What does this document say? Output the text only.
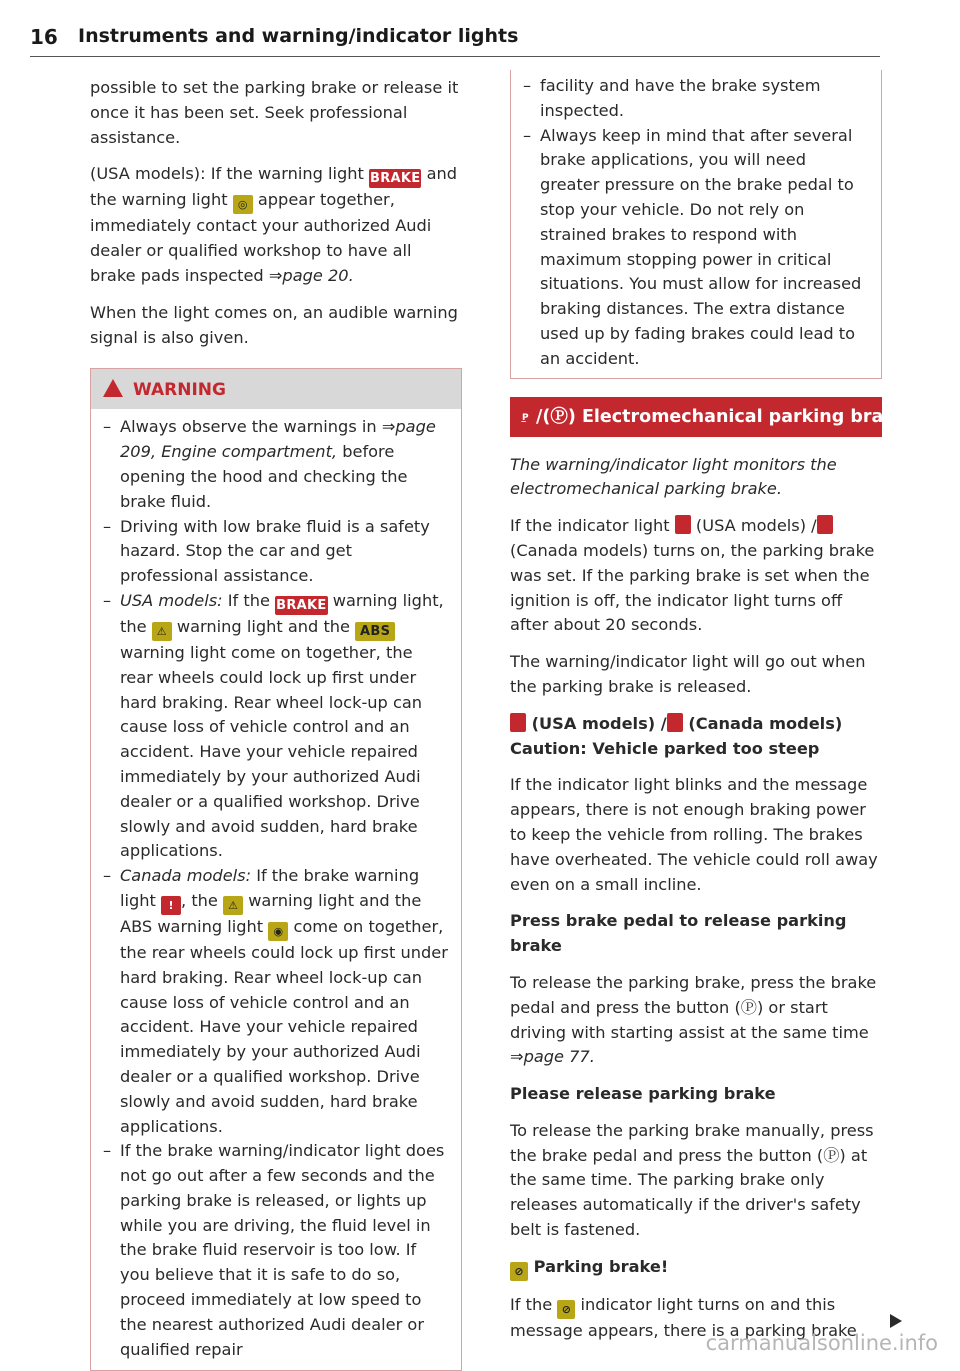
16 Instruments and warning/indicator lights

possible to set the parking brake or release it once it has been set. Seek professional assistance.

(USA models): If the warning light BRAKE and the warning light ◎ appear together, immediately contact your authorized Audi dealer or qualified workshop to have all brake pads inspected ⇒page 20.

When the light comes on, an audible warning signal is also given.

WARNING
– Always observe the warnings in ⇒page 209, Engine compartment, before opening the hood and checking the brake fluid.
– Driving with low brake fluid is a safety hazard. Stop the car and get professional assistance.
– USA models: If the BRAKE warning light, the ⚠ warning light and the ABS warning light come on together, the rear wheels could lock up first under hard braking. Rear wheel lock-up can cause loss of vehicle control and an accident. Have your vehicle repaired immediately by your authorized Audi dealer or a qualified workshop. Drive slowly and avoid sudden, hard brake applications.
– Canada models: If the brake warning light ! , the ⚠ warning light and the ABS warning light ◉ come on together, the rear wheels could lock up first under hard braking. Rear wheel lock-up can cause loss of vehicle control and an accident. Have your vehicle repaired immediately by your authorized Audi dealer or a qualified workshop. Drive slowly and avoid sudden, hard brake applications.
– If the brake warning/indicator light does not go out after a few seconds and the parking brake is released, or lights up while you are driving, the fluid level in the brake fluid reservoir is too low. If you believe that it is safe to do so, proceed immediately at low speed to the nearest authorized Audi dealer or qualified repair
– facility and have the brake system inspected.
– Always keep in mind that after several brake applications, you will need greater pressure on the brake pedal to stop your vehicle. Do not rely on strained brakes to respond with maximum stopping power in critical situations. You must allow for increased braking distances. The extra distance used up by fading brakes could lead to an accident.
P̲ /(Ⓟ) Electromechanical parking brake

The warning/indicator light monitors the electromechanical parking brake.

If the indicator light  (USA models) / (Canada models) turns on, the parking brake was set. If the parking brake is set when the ignition is off, the indicator light turns off after about 20 seconds.

The warning/indicator light will go out when the parking brake is released.

(USA models) / (Canada models) Caution: Vehicle parked too steep

If the indicator light blinks and the message appears, there is not enough braking power to keep the vehicle from rolling. The brakes have overheated. The vehicle could roll away even on a small incline.

Press brake pedal to release parking brake

To release the parking brake, press the brake pedal and press the button (Ⓟ) or start driving with starting assist at the same time ⇒page 77.

Please release parking brake

To release the parking brake manually, press the brake pedal and press the button (Ⓟ) at the same time. The parking brake only releases automatically if the driver's safety belt is fastened.

⊘ Parking brake!

If the ⊘ indicator light turns on and this message appears, there is a parking brake

carmanualsonline.info
